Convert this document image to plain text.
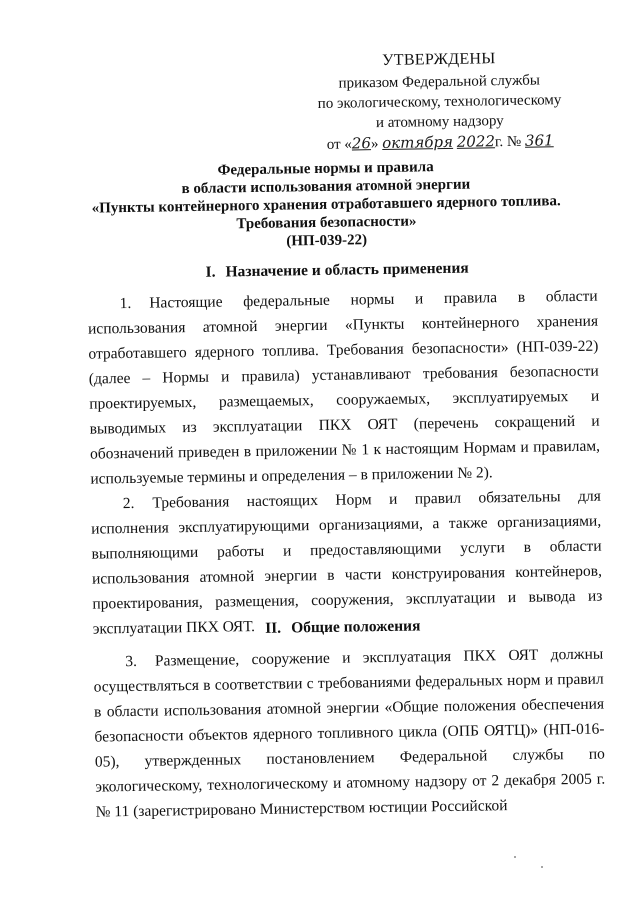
УТВЕРЖДЕНЫ
приказом Федеральной службы
по экологическому, технологическому
и атомному надзору
от «26» октября 2022г. № 361
Федеральные нормы и правила
в области использования атомной энергии
«Пункты контейнерного хранения отработавшего ядерного топлива.
Требования безопасности»
(НП-039-22)
I. Назначение и область применения
1. Настоящие федеральные нормы и правила в области использования атомной энергии «Пункты контейнерного хранения отработавшего ядерного топлива. Требования безопасности» (НП-039-22) (далее – Нормы и правила) устанавливают требования безопасности проектируемых, размещаемых, сооружаемых, эксплуатируемых и выводимых из эксплуатации ПКХ ОЯТ (перечень сокращений и обозначений приведен в приложении № 1 к настоящим Нормам и правилам, используемые термины и определения – в приложении № 2).
2. Требования настоящих Норм и правил обязательны для исполнения эксплуатирующими организациями, а также организациями, выполняющими работы и предоставляющими услуги в области использования атомной энергии в части конструирования контейнеров, проектирования, размещения, сооружения, эксплуатации и вывода из эксплуатации ПКХ ОЯТ. II. Общие положения
3. Размещение, сооружение и эксплуатация ПКХ ОЯТ должны осуществляться в соответствии с требованиями федеральных норм и правил в области использования атомной энергии «Общие положения обеспечения безопасности объектов ядерного топливного цикла (ОПБ ОЯТЦ)» (НП-016-05), утвержденных постановлением Федеральной службы по экологическому, технологическому и атомному надзору от 2 декабря 2005 г. № 11 (зарегистрировано Министерством юстиции Российской
